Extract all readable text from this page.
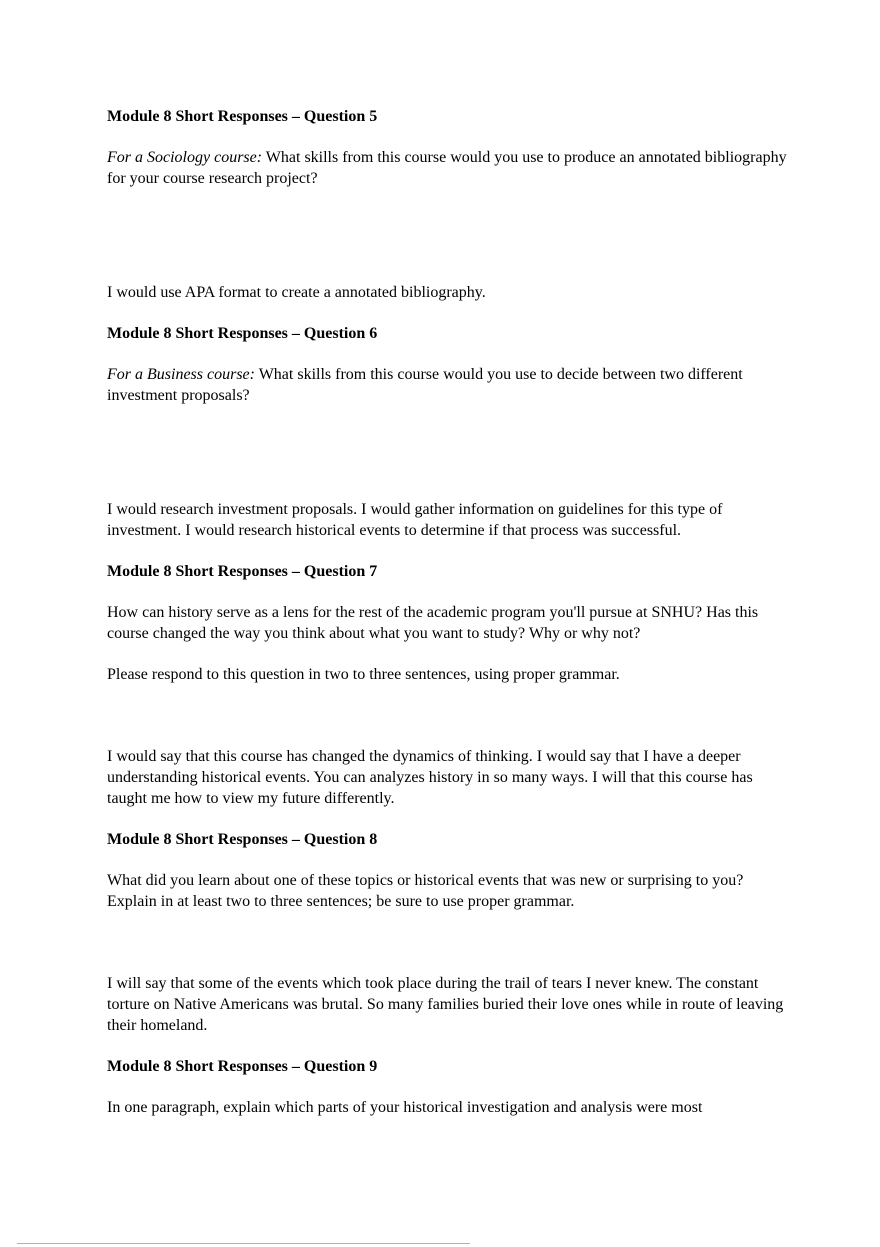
Module 8 Short Responses – Question 5

For a Sociology course: What skills from this course would you use to produce an annotated bibliography for your course research project?

I would use APA format to create a annotated bibliography.

Module 8 Short Responses – Question 6

For a Business course: What skills from this course would you use to decide between two different investment proposals?

I would research investment proposals. I would gather information on guidelines for this type of investment. I would research historical events to determine if that process was successful.

Module 8 Short Responses – Question 7

How can history serve as a lens for the rest of the academic program you'll pursue at SNHU? Has this course changed the way you think about what you want to study? Why or why not?

Please respond to this question in two to three sentences, using proper grammar.

I would say that this course has changed the dynamics of thinking. I would say that I have a deeper understanding historical events. You can analyzes history in so many ways. I will that this course has taught me how to view my future differently.

Module 8 Short Responses – Question 8

What did you learn about one of these topics or historical events that was new or surprising to you? Explain in at least two to three sentences; be sure to use proper grammar.

I will say that some of the events which took place during the trail of tears I never knew. The constant torture on Native Americans was brutal. So many families buried their love ones while in route of leaving their homeland.

Module 8 Short Responses – Question 9

In one paragraph, explain which parts of your historical investigation and analysis were most
